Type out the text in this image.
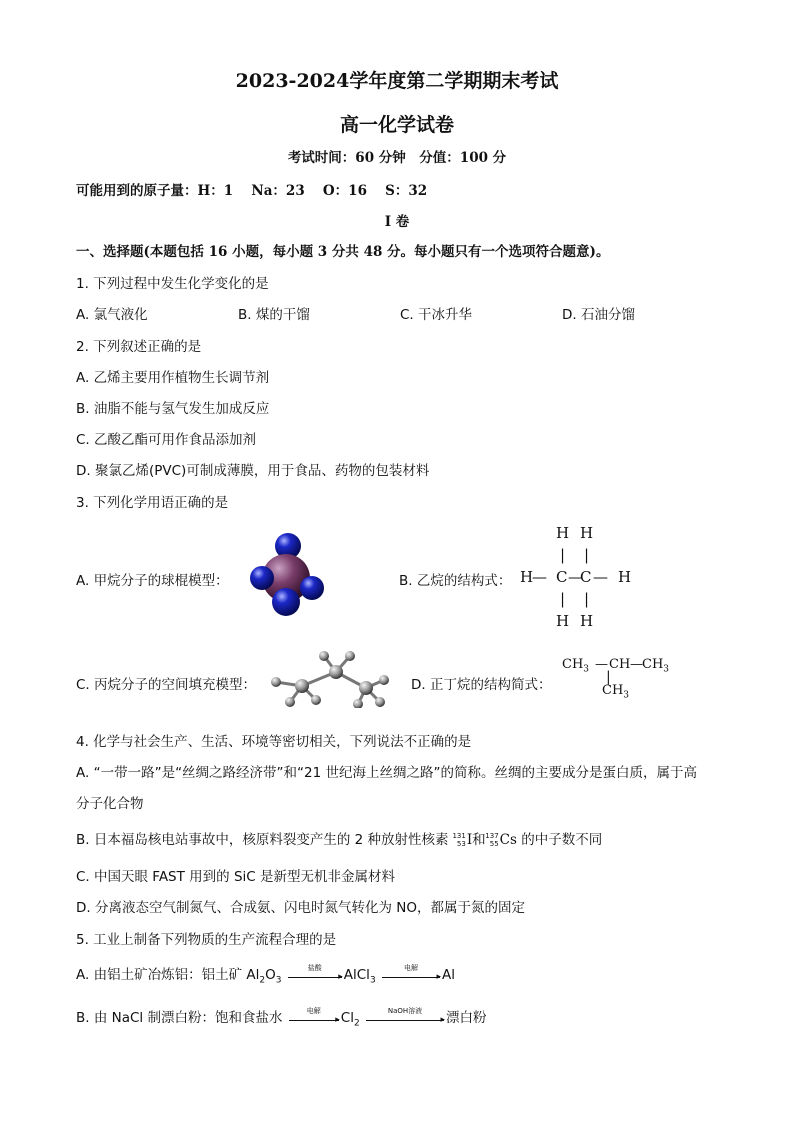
2023-2024学年度第二学期期末考试
高一化学试卷
考试时间：60 分钟　分值：100 分
可能用到的原子量：H：1　 Na：23　 O：16　 S：32
I 卷
一、选择题(本题包括 16 小题，每小题 3 分共 48 分。每小题只有一个选项符合题意)。
1. 下列过程中发生化学变化的是
A. 氯气液化	B. 煤的干馏	C. 干冰升华	D. 石油分馏
2. 下列叙述正确的是
A. 乙烯主要用作植物生长调节剂
B. 油脂不能与氢气发生加成反应
C. 乙酸乙酯可用作食品添加剂
D. 聚氯乙烯(PVC)可制成薄膜，用于食品、药物的包装材料
3. 下列化学用语正确的是
A. 甲烷分子的球棍模型：	B. 乙烷的结构式：
H H
| |
H
— C —
C — H
| |
H H
C. 丙烷分子的空间填充模型：	D. 正丁烷的结构简式：
$CH_3$ — CH — $CH_3$
|
$CH_3$
4. 化学与社会生产、生活、环境等密切相关，下列说法不正确的是
A. “一带一路”是“丝绸之路经济带”和“21 世纪海上丝绸之路”的简称。丝绸的主要成分是蛋白质，属于高
分子化合物
B. 日本福岛核电站事故中，核原料裂变产生的 2 种放射性核素 131
53 I和 137
55 Cs 的中子数不同
C. 中国天眼 FAST 用到的 SiC 是新型无机非金属材料
D. 分离液态空气制氮气、合成氨、闪电时氮气转化为 NO，都属于氮的固定
5. 工业上制备下列物质的生产流程合理的是
A. 由铝土矿冶炼铝：铝土矿 $Al_2O_3$
盐酸
▸ AlCl$_3$
电解
▸ Al
B. 由 NaCl 制漂白粉：饱和食盐水	电解
▸ $Cl_2$
NaOH溶液
▸ 漂白粉
